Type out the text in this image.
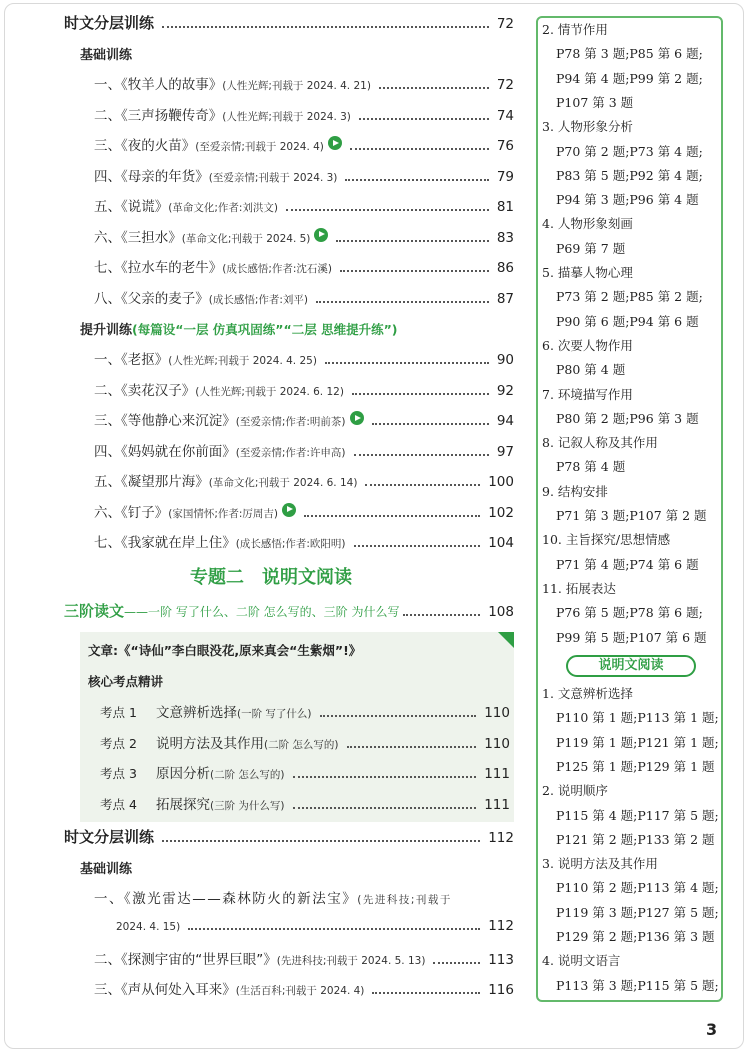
时文分层训练	72
基础训练
一、《牧羊人的故事》 (人性光辉;刊载于 2024. 4. 21)	72
二、《三声扬鞭传奇》 (人性光辉;刊载于 2024. 3)	74
三、《夜的火苗》 (至爱亲情;刊载于 2024. 4)	76
四、《母亲的年货》 (至爱亲情;刊载于 2024. 3)	79
五、《说谎》 (革命文化;作者:刘洪文)	81
六、《三担水》 (革命文化;刊载于 2024. 5)	83
七、《拉水车的老牛》 (成长感悟;作者:沈石溪)	86
八、《父亲的麦子》 (成长感悟;作者:刘平)	87
提升训练 (每篇设“一层 仿真巩固练”“二层 思维提升练”)
一、《老抠》 (人性光辉;刊载于 2024. 4. 25)	90
二、《卖花汉子》 (人性光辉;刊载于 2024. 6. 12)	92
三、《等他静心来沉淀》 (至爱亲情;作者:明前茶)	94
四、《妈妈就在你前面》 (至爱亲情;作者:许申高)	97
五、《凝望那片海》 (革命文化;刊载于 2024. 6. 14)	100
六、《钉子》 (家国情怀;作者:厉周吉)	102
七、《我家就在岸上住》 (成长感悟;作者:欧阳明)	104
专题二　说明文阅读
三阶读文 ——一阶 写了什么、二阶 怎么写的、三阶 为什么写	108
文章:《“诗仙”李白眼没花,原来真会“生紫烟”!》
核心考点精讲
考点 1	文意辨析选择 (一阶 写了什么)	110
考点 2	说明方法及其作用 (二阶 怎么写的)	110
考点 3	原因分析 (二阶 怎么写的)	111
考点 4	拓展探究 (三阶 为什么写)	111
时文分层训练	112
基础训练
一、《激光雷达——森林防火的新法宝》 (先进科技;刊载于
2024. 4. 15)	112
二、《探测宇宙的“世界巨眼”》 (先进科技;刊载于 2024. 5. 13)	113
三、《声从何处入耳来》 (生活百科;刊载于 2024. 4)	116
2. 情节作用
P78 第 3 题;P85 第 6 题;
P94 第 4 题;P99 第 2 题;
P107 第 3 题
3. 人物形象分析
P70 第 2 题;P73 第 4 题;
P83 第 5 题;P92 第 4 题;
P94 第 3 题;P96 第 4 题
4. 人物形象刻画
P69 第 7 题
5. 描摹人物心理
P73 第 2 题;P85 第 2 题;
P90 第 6 题;P94 第 6 题
6. 次要人物作用
P80 第 4 题
7. 环境描写作用
P80 第 2 题;P96 第 3 题
8. 记叙人称及其作用
P78 第 4 题
9. 结构安排
P71 第 3 题;P107 第 2 题
10. 主旨探究/思想情感
P71 第 4 题;P74 第 6 题
11. 拓展表达
P76 第 5 题;P78 第 6 题;
P99 第 5 题;P107 第 6 题
1. 文意辨析选择
P110 第 1 题;P113 第 1 题;
P119 第 1 题;P121 第 1 题;
P125 第 1 题;P129 第 1 题
2. 说明顺序
P115 第 4 题;P117 第 5 题;
P121 第 2 题;P133 第 2 题
3. 说明方法及其作用
P110 第 2 题;P113 第 4 题;
P119 第 3 题;P127 第 5 题;
P129 第 2 题;P136 第 3 题
4. 说明文语言
P113 第 3 题;P115 第 5 题;
说明文阅读
3
